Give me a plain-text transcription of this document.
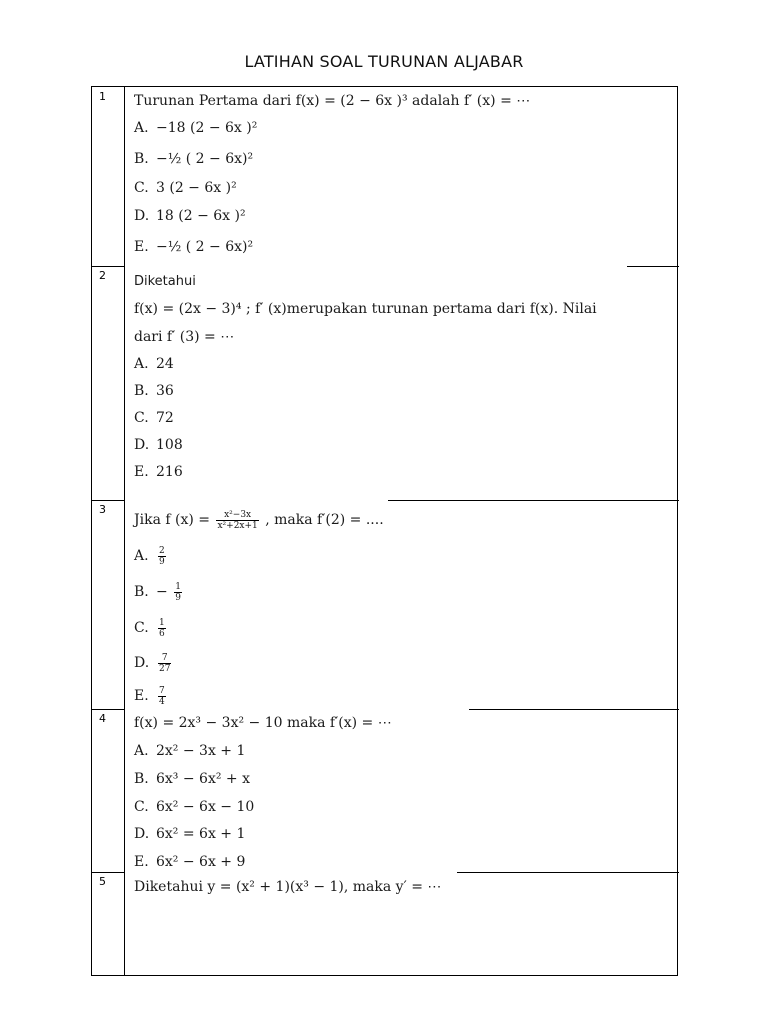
LATIHAN SOAL TURUNAN ALJABAR
1 Turunan Pertama dari f(x) = (2 − 6x )³ adalah f′ (x) = ⋯
A. −18 (2 − 6x )²
B. −½ ( 2 − 6x)²
C. 3 (2 − 6x )²
D. 18 (2 − 6x )²
E. −½ ( 2 − 6x)²
2 Diketahui
f(x) = (2x − 3)⁴ ; f′ (x)merupakan turunan pertama dari f(x). Nilai
dari f′ (3) = ⋯
A. 24
B. 36
C. 72
D. 108
E. 216
3
Jika f $(x) = \frac{\text{x²−3x}}{\text{x²+2x+1}}$ , maka f′(2) = ....
A. $\frac{2}{9}$
B. − $\frac{1}{9}$
C. $\frac{1}{6}$
D. $\frac{7}{27}$
E. $\frac{7}{4}$
4 f(x) = 2x³ − 3x² − 10 maka f′(x) = ⋯
A. 2x² − 3x + 1
B. 6x³ − 6x² + x
C. 6x² − 6x − 10
D. 6x² = 6x + 1
E. 6x² − 6x + 9
5 Diketahui y = (x² + 1)(x³ − 1), maka y′ = ⋯
